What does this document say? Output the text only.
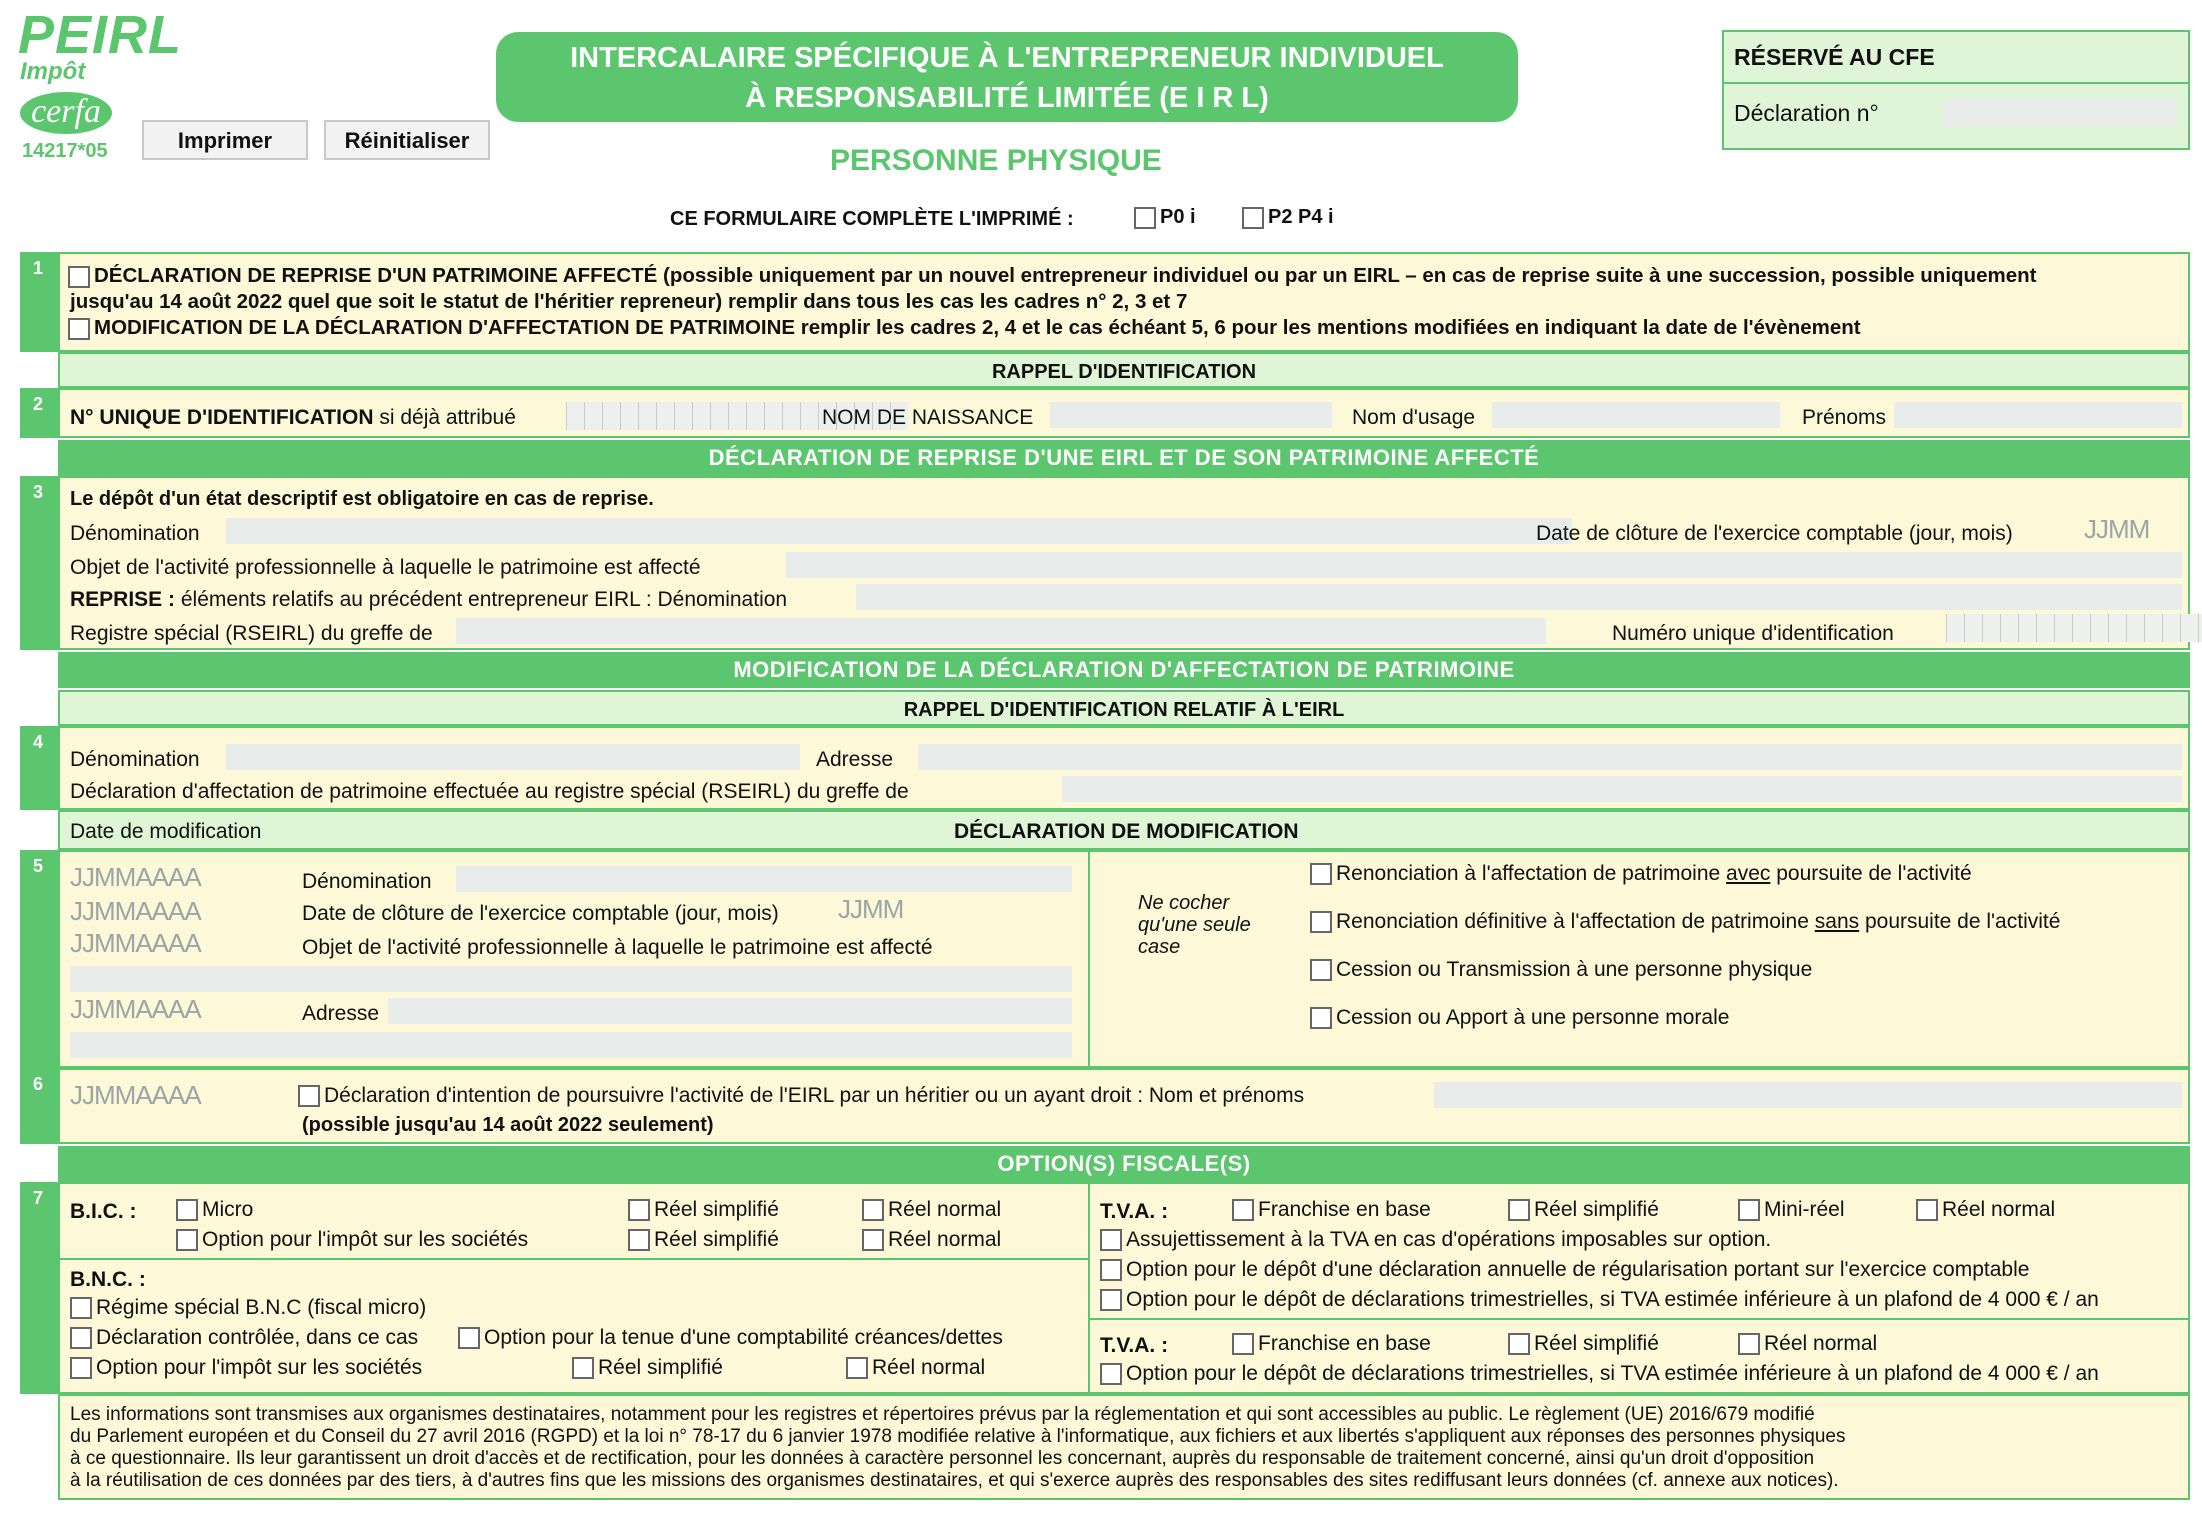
PEIRL
Impôt
cerfa
14217*05	Imprimer	Réinitialiser
INTERCALAIRE SPÉCIFIQUE À L'ENTREPRENEUR INDIVIDUEL
À RESPONSABILITÉ LIMITÉE (E I R L)
PERSONNE PHYSIQUE
RÉSERVÉ AU CFE
Déclaration n°
CE FORMULAIRE COMPLÈTE L'IMPRIMÉ :	P0 i	P2 P4 i
1	DÉCLARATION DE REPRISE D'UN PATRIMOINE AFFECTÉ (possible uniquement par un nouvel entrepreneur individuel ou par un EIRL – en cas de reprise suite à une succession, possible uniquement
jusqu'au 14 août 2022 quel que soit le statut de l'héritier repreneur) remplir dans tous les cas les cadres n° 2, 3 et 7
MODIFICATION DE LA DÉCLARATION D'AFFECTATION DE PATRIMOINE remplir les cadres 2, 4 et le cas échéant 5, 6 pour les mentions modifiées en indiquant la date de l'évènement
RAPPEL D'IDENTIFICATION
2
N° UNIQUE D'IDENTIFICATION si déjà attribué	NOM DE NAISSANCE	Nom d'usage	Prénoms
DÉCLARATION DE REPRISE D'UNE EIRL ET DE SON PATRIMOINE AFFECTÉ
3	Le dépôt d'un état descriptif est obligatoire en cas de reprise.
Dénomination	Date de clôture de l'exercice comptable (jour, mois)	JJMM
Objet de l'activité professionnelle à laquelle le patrimoine est affecté
REPRISE : éléments relatifs au précédent entrepreneur EIRL : Dénomination
Registre spécial (RSEIRL) du greffe de	Numéro unique d'identification
MODIFICATION DE LA DÉCLARATION D'AFFECTATION DE PATRIMOINE
RAPPEL D'IDENTIFICATION RELATIF À L'EIRL
4
Dénomination	Adresse
Déclaration d'affectation de patrimoine effectuée au registre spécial (RSEIRL) du greffe de
Date de modification	DÉCLARATION DE MODIFICATION
5	JJMMAAAA	Dénomination
JJMMAAAA	Date de clôture de l'exercice comptable (jour, mois) JJMM
JJMMAAAA	Objet de l'activité professionnelle à laquelle le patrimoine est affecté
JJMMAAAA	Adresse
Ne cocher
qu'une seule
case
Renonciation à l'affectation de patrimoine avec poursuite de l'activité
Renonciation définitive à l'affectation de patrimoine sans poursuite de l'activité
Cession ou Transmission à une personne physique
Cession ou Apport à une personne morale
6	JJMMAAAA	Déclaration d'intention de poursuivre l'activité de l'EIRL par un héritier ou un ayant droit : Nom et prénoms
(possible jusqu'au 14 août 2022 seulement)
OPTION(S) FISCALE(S)
7
B.I.C. :	Micro	Réel simplifié	Réel normal
Option pour l'impôt sur les sociétés	Réel simplifié	Réel normal
B.N.C. :
Régime spécial B.N.C (fiscal micro)
Déclaration contrôlée, dans ce cas	Option pour la tenue d'une comptabilité créances/dettes
Option pour l'impôt sur les sociétés	Réel simplifié	Réel normal
T.V.A. :	Franchise en base	Réel simplifié	Mini-réel	Réel normal
Assujettissement à la TVA en cas d'opérations imposables sur option.
Option pour le dépôt d'une déclaration annuelle de régularisation portant sur l'exercice comptable
Option pour le dépôt de déclarations trimestrielles, si TVA estimée inférieure à un plafond de 4 000 € / an
T.V.A. :	Franchise en base	Réel simplifié	Réel normal
Option pour le dépôt de déclarations trimestrielles, si TVA estimée inférieure à un plafond de 4 000 € / an
Les informations sont transmises aux organismes destinataires, notamment pour les registres et répertoires prévus par la réglementation et qui sont accessibles au public. Le règlement (UE) 2016/679 modifié
du Parlement européen et du Conseil du 27 avril 2016 (RGPD) et la loi n° 78-17 du 6 janvier 1978 modifiée relative à l'informatique, aux fichiers et aux libertés s'appliquent aux réponses des personnes physiques
à ce questionnaire. Ils leur garantissent un droit d'accès et de rectification, pour les données à caractère personnel les concernant, auprès du responsable de traitement concerné, ainsi qu'un droit d'opposition
à la réutilisation de ces données par des tiers, à d'autres fins que les missions des organismes destinataires, et qui s'exerce auprès des responsables des sites rediffusant leurs données (cf. annexe aux notices).
